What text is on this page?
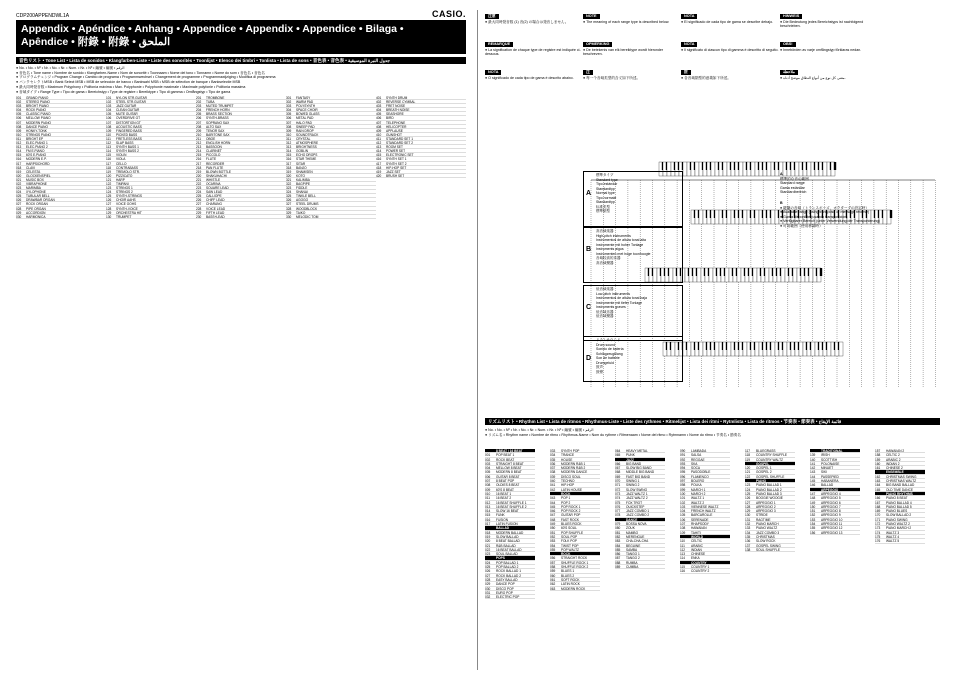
CDP200APPENDWL1A	CASIO.
Appendix • Apéndice • Anhang • Appendice • Appendix • Appendice • Bilaga •
Apêndice • 附錄 • 附錄 • الملحق
音色リスト • Tone List • Lista de sonidos • Klangfarben-Liste • Liste des sonorités • Toonlijst • Elenco dei timbri • Tonlista • Lista de sons • 音色表 • 音色表 • جدول النبرة الموسيقية
● No. • No. • Nº • Nr. • No. • Nr. • Num. • Nr. • Nº • 編號 • 編號 • الرقم
● 音色名 • Tone name • Nombre de sonido • Klangfarben-Name • Nom de sonorité • Toonnaam • Nome del tono • Tonnamn • Nome do som • 音色名 • 音色名
● プログラムチェンジ • Program Change • Cambio de programa • Programmwechsel • Changement de programme • Programmawijziging • Modifica di programma
● バンクセレクトMSB • Bank Select MSB • MSB de selección de banco • Bankwahl MSB • MSB de sélection de banque • Bankselectie MSB
● 最大同時発音数 • Maximum Polyphony • Polifonía máxima • Max. Polyphonie • Polyphonie maximale • Maximale polyfonie • Polifonia massima
● 音域タイプ • Range Type • Tipo de gama • Bereichstyp • Type de registre • Bereiktype • Tipo di gamma • Omfångstyp • Tipo de gama
001	GRAND PIANO
002	STEREO PIANO
003	BRIGHT PIANO
004	ROCK PIANO
005	CLASSIC PIANO
006	MELLOW PIANO
007	MODERN PIANO
008	DANCE PIANO
009	HONKY-TONK
010	STRINGS PIANO
011	BRIGHT EP
012	ELEC.PIANO 1
013	ELEC.PIANO 2
014	FM E.PIANO
015	60'S E.PIANO
016	MODERN E.P.
017	HARPSICHORD
018	CLAVI
019	CELESTA
020	GLOCKENSPIEL
021	MUSIC BOX
022	VIBRAPHONE
023	MARIMBA
024	XYLOPHONE
025	TUBULAR BELL
026	DRAWBAR ORGAN
027	ROCK ORGAN
028	PIPE ORGAN
029	ACCORDION
030	HARMONICA
101	NYLON STR.GUITAR
102	STEEL STR.GUITAR
103	JAZZ GUITAR
104	CLEAN GUITAR
105	MUTE GUITAR
106	OVERDRIVE GT
107	DISTORTION GT
108	ACOUSTIC BASS
109	FINGERED BASS
110	PICKED BASS
111	FRETLESS BASS
112	SLAP BASS
113	SYNTH BASS 1
114	SYNTH BASS 2
115	VIOLIN
116	VIOLA
117	CELLO
118	CONTRABASS
119	TREMOLO STR.
120	PIZZICATO
121	HARP
122	TIMPANI
123	STRINGS 1
124	STRINGS 2
125	SYNTH-STRINGS
126	CHOIR AAHS
127	VOICE OOHS
128	SYNTH-VOICE
129	ORCHESTRA HIT
130	TRUMPET
201	TROMBONE
202	TUBA
203	MUTED TRUMPET
204	FRENCH HORN
205	BRASS SECTION
206	SYNTH-BRASS
207	SOPRANO SAX
208	ALTO SAX
209	TENOR SAX
210	BARITONE SAX
211	OBOE
212	ENGLISH HORN
213	BASSOON
214	CLARINET
215	PICCOLO
216	FLUTE
217	RECORDER
218	PAN FLUTE
219	BLOWN BOTTLE
220	SHAKUHACHI
221	WHISTLE
222	OCARINA
223	SQUARE LEAD
224	SAW LEAD
225	CALLIOPE
226	CHIFF LEAD
227	CHARANG
228	VOICE LEAD
229	FIFTH LEAD
230	BASS+LEAD
301	FANTASY
302	WARM PAD
303	POLYSYNTH
304	SPACE CHOIR
305	BOWED GLASS
306	METAL PAD
307	HALO PAD
308	SWEEP PAD
309	RAIN DROP
310	SOUNDTRACK
311	CRYSTAL
312	ATMOSPHERE
313	BRIGHTNESS
314	GOBLIN
315	ECHO DROPS
316	STAR THEME
317	SITAR
318	BANJO
319	SHAMISEN
320	KOTO
321	KALIMBA
322	BAGPIPE
323	FIDDLE
324	SHANAI
325	TINKLE BELL
326	AGOGO
327	STEEL DRUMS
328	WOODBLOCK
329	TAIKO
330	MELODIC TOM
401	SYNTH DRUM
402	REVERSE CYMBAL
403	FRET NOISE
404	BREATH NOISE
405	SEASHORE
406	BIRD
407	TELEPHONE
408	HELICOPTER
409	APPLAUSE
410	GUNSHOT
411	STANDARD SET 1
412	STANDARD SET 2
413	ROOM SET
414	POWER SET
415	ELECTRONIC SET
416	SYNTH SET 1
417	SYNTH SET 2
418	HIP-HOP SET
419	JAZZ SET
420	BRUSH SET
注意
● 最大同時発音数 (1) 音(2) の場合は発音しません。
NOTE
● The meaning of each range type is described below.
NOTA
● El significado de cada tipo de gama se describe debajo.
HINWEIS
● Die Bedeutung jedes Bereichstyps ist nachfolgend beschrieben.
REMARQUE
● La signification de chaque type de registre est indiquée ci-dessous.
OPMERKING
● De betekenis van elk bereiktype wordt hieronder beschreven.
NOTA
● Il significato di ciascun tipo di gamma è descritto di seguito.
OBS!
● Innebörden av varje omfångstyp förklaras nedan.
NOTA
● O significado de cada tipo de gama é descrito abaixo.
注
● 每一个音域类型的含义如下所述。
註
● 各音域類型的意義如下所述。
ملاحظة
● معنى كل نوع من أنواع النطاق موضح أدناه.
A
標準タイプ
Standard type
Tipo estándar
Standardtyp
Normal type
Tipo normale
Standardtyp
标准类型
標準類型
B
高音域楽器
High-pitch instruments
Instrumentos de altura tonal alta
Instrumente mit hoher Tonlage
Instruments aigus
Instrumenten met hoge toonhoogte
音域较高的乐器
高音域樂器
C
低音域楽器
Low-pitch instruments
Instrumentos de altura tonal baja
Instrumente mit tiefer Tonlage
Instruments graves
低音域乐器
低音域樂器
D
ドラムサウンド
Drum sound
Sonido de batería
Schlagzeugklang
Son de batterie
Drumgeluid
鼓声
鼓聲
A
標準的な音の範囲
Standard range
Gama estándar
Standardbereich
B
● 鍵盤の音域（トランスポーズ、オクターブの設定時）
● Available range (using transpose or message reverse)
● Gama disponible (usando transposición)
● Verfügbarer Bereich (unter Verwendung der Transponierung)
● 可用範囲（使用移調時）
リズムリスト • Rhythm List • Lista de ritmos • Rhythmus-Liste • Liste des rythmes • Ritmelijst • Lista dei ritmi • Rytmlista • Lista de ritmos • 节奏表 • 節奏表 • قائمة الإيقاع
● No. • No. • Nº • Nr. • No. • Nr. • Num. • Nr. • Nº • 編號 • 編號 • الرقم
● リズム名 • Rhythm name • Nombre de ritmo • Rhythmus-Name • Nom du rythme • Ritmenaam • Nome del ritmo • Rytmnamn • Nome do ritmo • 节奏名 • 節奏名
8 BEAT / 16 BEAT
001	POP BEAT 1
002	ROCK BEAT
003	STRAIGHT 8 BEAT
004	MELLOW 8 BEAT
005	MODERN 8 BEAT
006	GUITAR 8 BEAT
007	8 BEAT POP
008	OLDIES 8 BEAT
009	60'S 8 BEAT
010	16 BEAT 1
011	16 BEAT 2
012	16 BEAT SHUFFLE 1
013	16 BEAT SHUFFLE 2
014	SLOW 16 BEAT
015	FUNK
016	FUSION
017	LATIN FUSION
BALLAD
018	MODERN BALLAD
019	SLOW BALLAD
020	8 BEAT BALLAD
021	R&B BALLAD
022	16 BEAT BALLAD
023	SOUL BALLAD
POPS
024	POP BALLAD 1
025	POP BALLAD 2
026	ROCK BALLAD 1
027	ROCK BALLAD 2
028	EASY BALLAD
029	DANCE POP
030	DISCO POP
031	EURO POP
032	ELECTRIC POP
033	SYNTH POP
034	TRANCE
035	HOUSE
036	MODERN R&B 1
037	MODERN R&B 2
038	MODERN DANCE
039	DISCO SOUL
040	TECHNO
041	HIP-HOP
042	LATIN HOUSE
ROCK
043	POP 1
044	POP 2
045	POP ROCK 1
046	POP ROCK 2
047	GUITAR POP
048	FAST ROCK
049	BLUES ROCK
050	60'S SOUL
051	POP SHUFFLE
052	SOUL POP
053	FOLK POP
054	TWIST POP
055	POP WALTZ
ROCK
056	STRAIGHT ROCK
057	SHUFFLE ROCK 1
058	SHUFFLE ROCK 2
059	BLUES 1
060	BLUES 2
061	SOFT ROCK
062	LATIN ROCK
063	MODERN ROCK
064	HEAVY METAL
065	PUNK
JAZZ
066	BIG BAND
067	SLOW BIG BAND
068	MIDDLE BIG BAND
069	FAST BIG BAND
070	SWING 1
071	SWING 2
072	SLOW SWING
073	JAZZ WALTZ 1
074	JAZZ WALTZ 2
075	FOX TROT
076	QUICKSTEP
077	JAZZ COMBO 1
078	JAZZ COMBO 2
DANCE
079	BOSSA NOVA
080	ZOUK
081	MAMBO
082	MERENGUE
083	CHA-CHA-CHA
084	BEGUINE
085	SAMBA
086	TANGO 1
087	TANGO 2
088	RUMBA
089	CUMBIA
090	LAMBADA
091	SALSA
092	REGGAE
093	SKA
094	SOCA
095	PASODOBLE
096	FLAMENCO
097	BOLERO
098	POLKA
099	MARCH 1
100	MARCH 2
101	WALTZ 1
102	WALTZ 2
103	VIENNESE WALTZ
104	FRENCH WALTZ
105	BARCAROLLE
106	SERENADE
107	RHAPSODY
108	HAWAIIAN
109	TAHITI
WORLD
110	CELTIC
111	ARABIC
112	INDIAN
113	CHINESE
114	ENKA
COUNTRY
115	COUNTRY 1
116	COUNTRY 2
117	BLUEGRASS
118	COUNTRY SHUFFLE
119	COUNTRY WALTZ
GOSPEL
120	GOSPEL 1
121	GOSPEL 2
122	GOSPEL SHUFFLE
PIANO
123	PIANO BALLAD 1
124	PIANO BALLAD 2
125	PIANO BALLAD 3
126	BOOGIE WOOGIE
127	ARPEGGIO 1
128	ARPEGGIO 2
129	ARPEGGIO 3
130	STRIDE
131	RAGTIME
132	PIANO MARCH
133	PIANO WALTZ
134	JAZZ COMBO 3
135	CHRISTMAS
136	SLOW ROCK
137	GOSPEL SWING
138	SOUL SHUFFLE
TRADITIONAL
139	IRISH
140	SCOTTISH
141	POLONAISE
142	MINUET
143	SIKI
144	PASSEPIED
145	HABANERA
146	BALLAD
ARPEGGIO
147	ARPEGGIO 4
148	ARPEGGIO 5
149	ARPEGGIO 6
150	ARPEGGIO 7
151	ARPEGGIO 8
152	ARPEGGIO 9
153	ARPEGGIO 10
154	ARPEGGIO 11
155	ARPEGGIO 12
156	ARPEGGIO 13
157	HAWAIIAN 2
158	CELTIC 2
159	ARABIC 2
160	INDIAN 2
161	CHINESE 2
ENSEMBLE
162	CHRISTMAS SWING
163	CHRISTMAS WALTZ
164	BIG BAND BALLAD
165	OLD TIME DANCE
PIANO RHYTHMS
166	PIANO 8 BEAT
167	PIANO BALLAD 4
168	PIANO BALLAD 5
169	PIANO BLUES
170	SLOW BALLAD 2
171	PIANO SWING
172	PIANO WALTZ 2
173	PIANO MARCH 2
174	WALTZ 3
175	WALTZ 4
176	WALTZ 5
